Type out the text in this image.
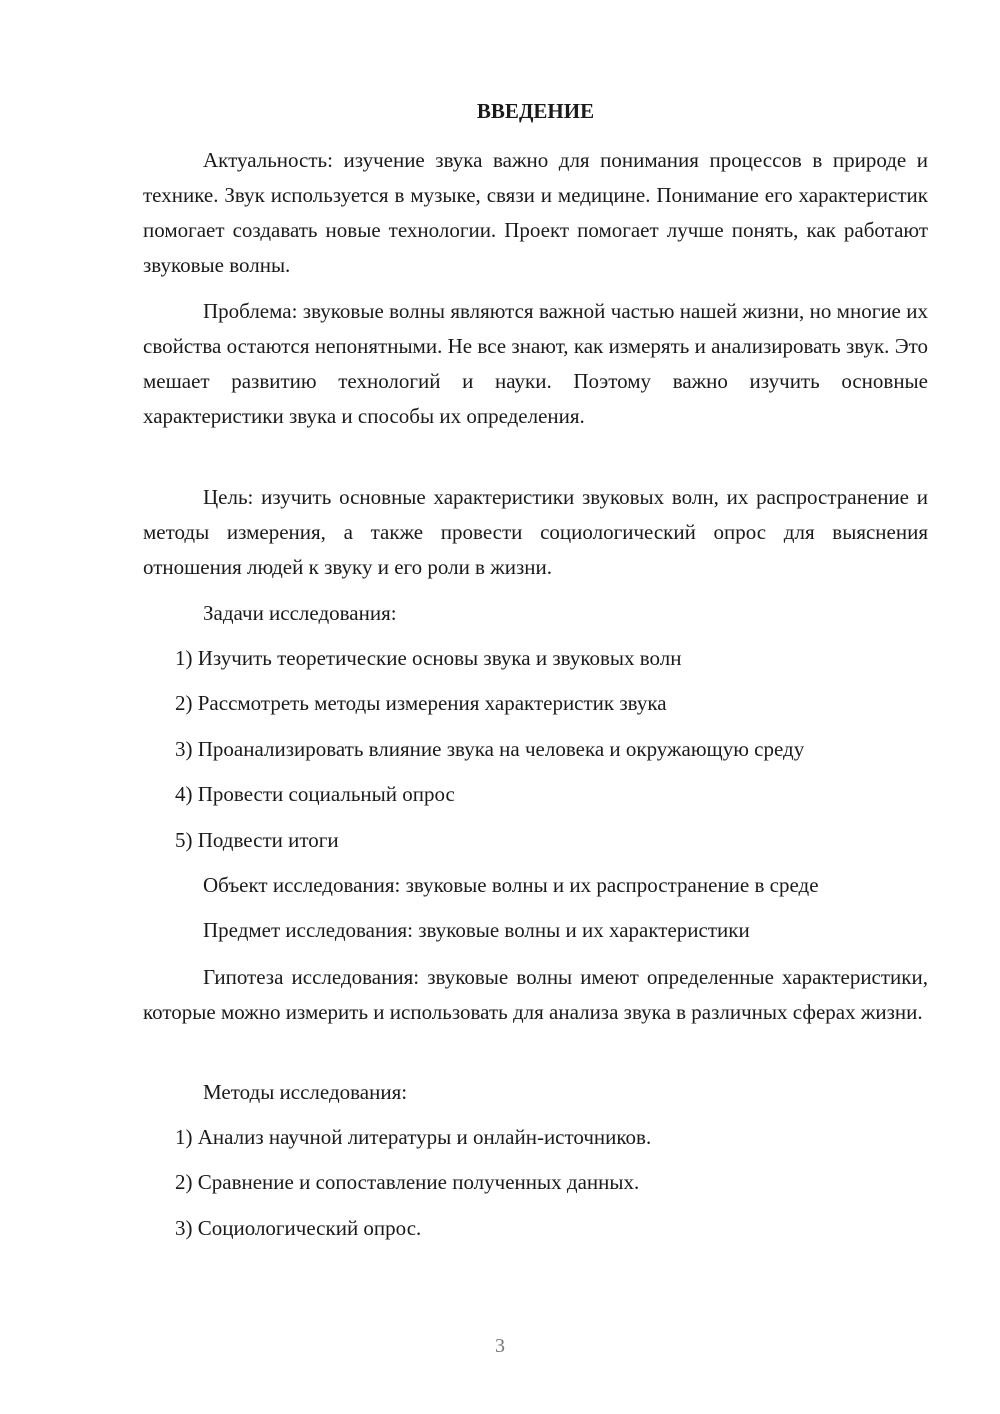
ВВЕДЕНИЕ

Актуальность: изучение звука важно для понимания процессов в природе и технике. Звук используется в музыке, связи и медицине. Понимание его характеристик помогает создавать новые технологии. Проект помогает лучше понять, как работают звуковые волны.

Проблема: звуковые волны являются важной частью нашей жизни, но многие их свойства остаются непонятными. Не все знают, как измерять и анализировать звук. Это мешает развитию технологий и науки. Поэтому важно изучить основные характеристики звука и способы их определения.

Цель: изучить основные характеристики звуковых волн, их распространение и методы измерения, а также провести социологический опрос для выяснения отношения людей к звуку и его роли в жизни.

Задачи исследования:

1) Изучить теоретические основы звука и звуковых волн

2) Рассмотреть методы измерения характеристик звука

3) Проанализировать влияние звука на человека и окружающую среду

4) Провести социальный опрос

5) Подвести итоги

Объект исследования: звуковые волны и их распространение в среде

Предмет исследования: звуковые волны и их характеристики

Гипотеза исследования: звуковые волны имеют определенные характеристики, которые можно измерить и использовать для анализа звука в различных сферах жизни.

Методы исследования:

1) Анализ научной литературы и онлайн-источников.

2) Сравнение и сопоставление полученных данных.

3) Социологический опрос.

3
